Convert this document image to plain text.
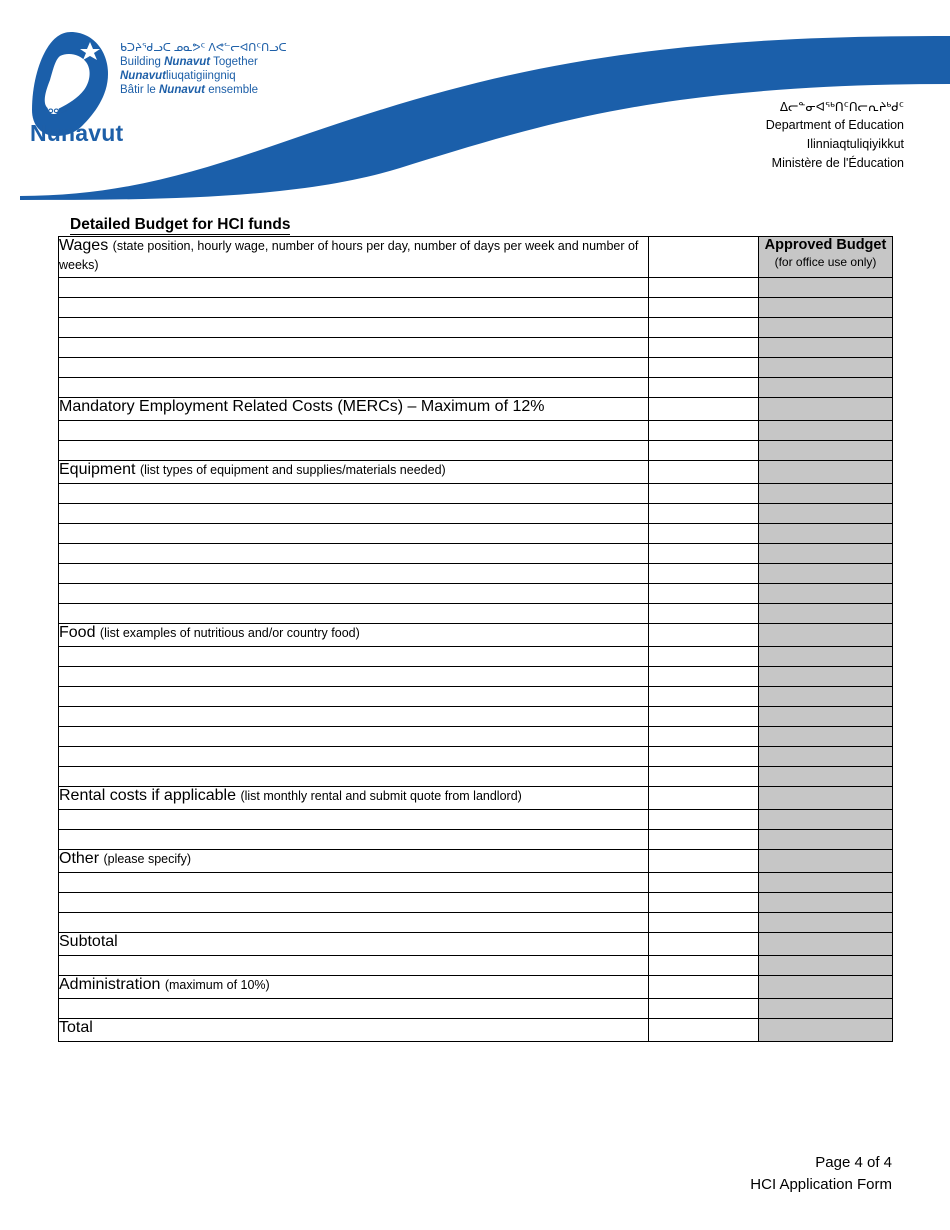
ᑲᑐᔨᖁᓗᑕ ᓄᓇᕗᑦ ᐱᕙᓪᓕᐊᑎᑦᑎᓗᑕ
Building Nunavut Together
Nunavutliuqatigiingniq
Bâtir le Nunavut ensemble
ᓄᓇᕗᑦ
Nunavut
ᐃᓕᓐᓂᐊᖅᑎᑦᑎᓕᕆᔨᒃᑯᑦ
Department of Education
Ilinniaqtuliqiyikkut
Ministère de l'Éducation
Detailed Budget for HCI funds
Wages (state position, hourly wage, number of hours per day, number of days per week and number of weeks)		Approved Budget (for office use only)

Mandatory Employment Related Costs (MERCs) – Maximum of 12%		

Equipment (list types of equipment and supplies/materials needed)		

Food (list examples of nutritious and/or country food)		

Rental costs if applicable (list monthly rental and submit quote from landlord)		

Other (please specify)		

Subtotal		

Administration (maximum of 10%)		

Total		
Page 4 of 4
HCI Application Form
